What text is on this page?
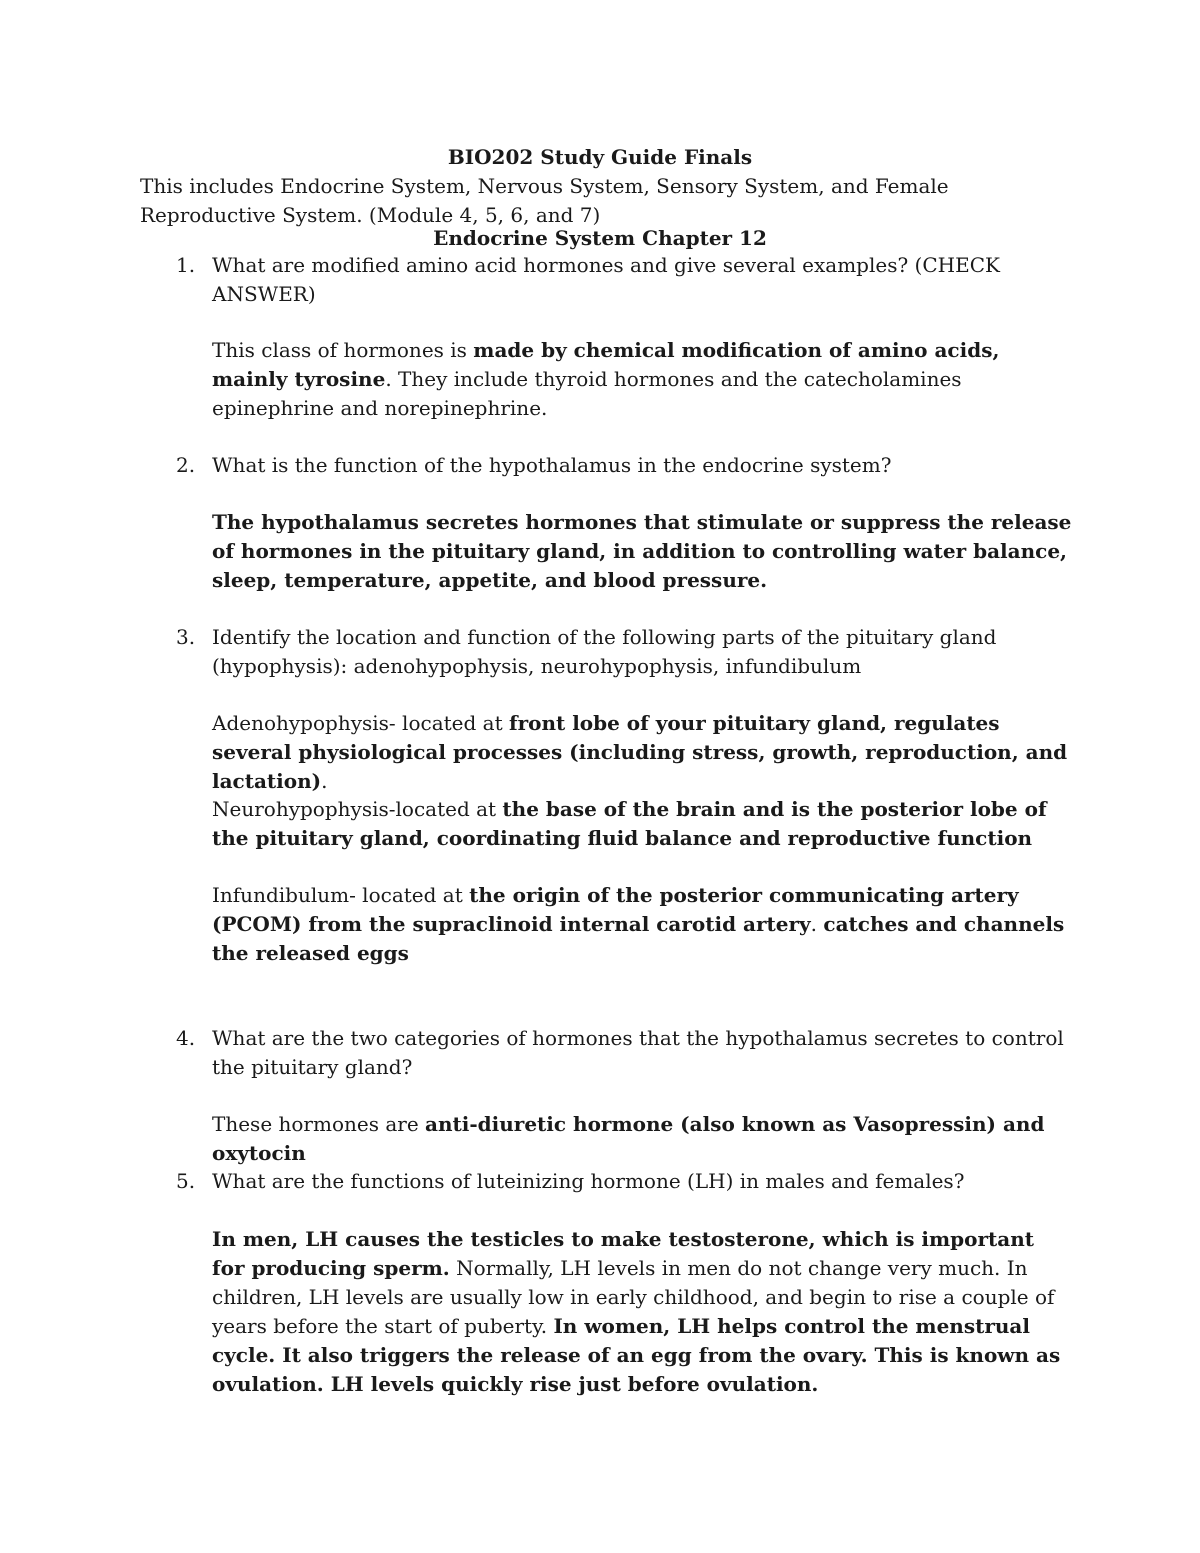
BIO202 Study Guide Finals

This includes Endocrine System, Nervous System, Sensory System, and Female Reproductive System. (Module 4, 5, 6, and 7)

Endocrine System Chapter 12

1. What are modified amino acid hormones and give several examples? (CHECK ANSWER)

This class of hormones is made by chemical modification of amino acids, mainly tyrosine. They include thyroid hormones and the catecholamines epinephrine and norepinephrine.

2. What is the function of the hypothalamus in the endocrine system?

The hypothalamus secretes hormones that stimulate or suppress the release of hormones in the pituitary gland, in addition to controlling water balance, sleep, temperature, appetite, and blood pressure.

3. Identify the location and function of the following parts of the pituitary gland (hypophysis): adenohypophysis, neurohypophysis, infundibulum

Adenohypophysis- located at front lobe of your pituitary gland, regulates several physiological processes (including stress, growth, reproduction, and lactation).

Neurohypophysis-located at the base of the brain and is the posterior lobe of the pituitary gland, coordinating fluid balance and reproductive function

Infundibulum- located at the origin of the posterior communicating artery (PCOM) from the supraclinoid internal carotid artery. catches and channels the released eggs

4. What are the two categories of hormones that the hypothalamus secretes to control the pituitary gland?

These hormones are anti-diuretic hormone (also known as Vasopressin) and oxytocin

5. What are the functions of luteinizing hormone (LH) in males and females?

In men, LH causes the testicles to make testosterone, which is important for producing sperm. Normally, LH levels in men do not change very much. In children, LH levels are usually low in early childhood, and begin to rise a couple of years before the start of puberty. In women, LH helps control the menstrual cycle. It also triggers the release of an egg from the ovary. This is known as ovulation. LH levels quickly rise just before ovulation.
